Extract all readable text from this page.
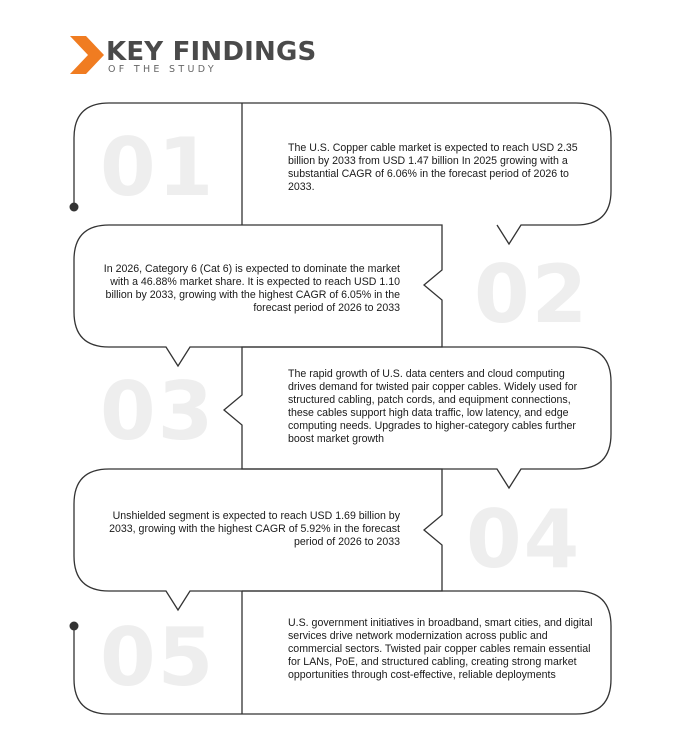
KEY FINDINGS
OF THE STUDY
01	The U.S. Copper cable market is expected to reach USD 2.35 billion by 2033 from USD 1.47 billion In 2025 growing with a substantial CAGR of 6.06% in the forecast period of 2026 to 2033.
02
In 2026, Category 6 (Cat 6) is expected to dominate the market with a 46.88% market share. It is expected to reach USD 1.10 billion by 2033, growing with the highest CAGR of 6.05% in the forecast period of 2026 to 2033
03	The rapid growth of U.S. data centers and cloud computing drives demand for twisted pair copper cables. Widely used for structured cabling, patch cords, and equipment connections, these cables support high data traffic, low latency, and edge computing needs. Upgrades to higher-category cables further boost market growth
04
Unshielded segment is expected to reach USD 1.69 billion by 2033, growing with the highest CAGR of 5.92% in the forecast period of 2026 to 2033
05	U.S. government initiatives in broadband, smart cities, and digital services drive network modernization across public and commercial sectors. Twisted pair copper cables remain essential for LANs, PoE, and structured cabling, creating strong market opportunities through cost-effective, reliable deployments
